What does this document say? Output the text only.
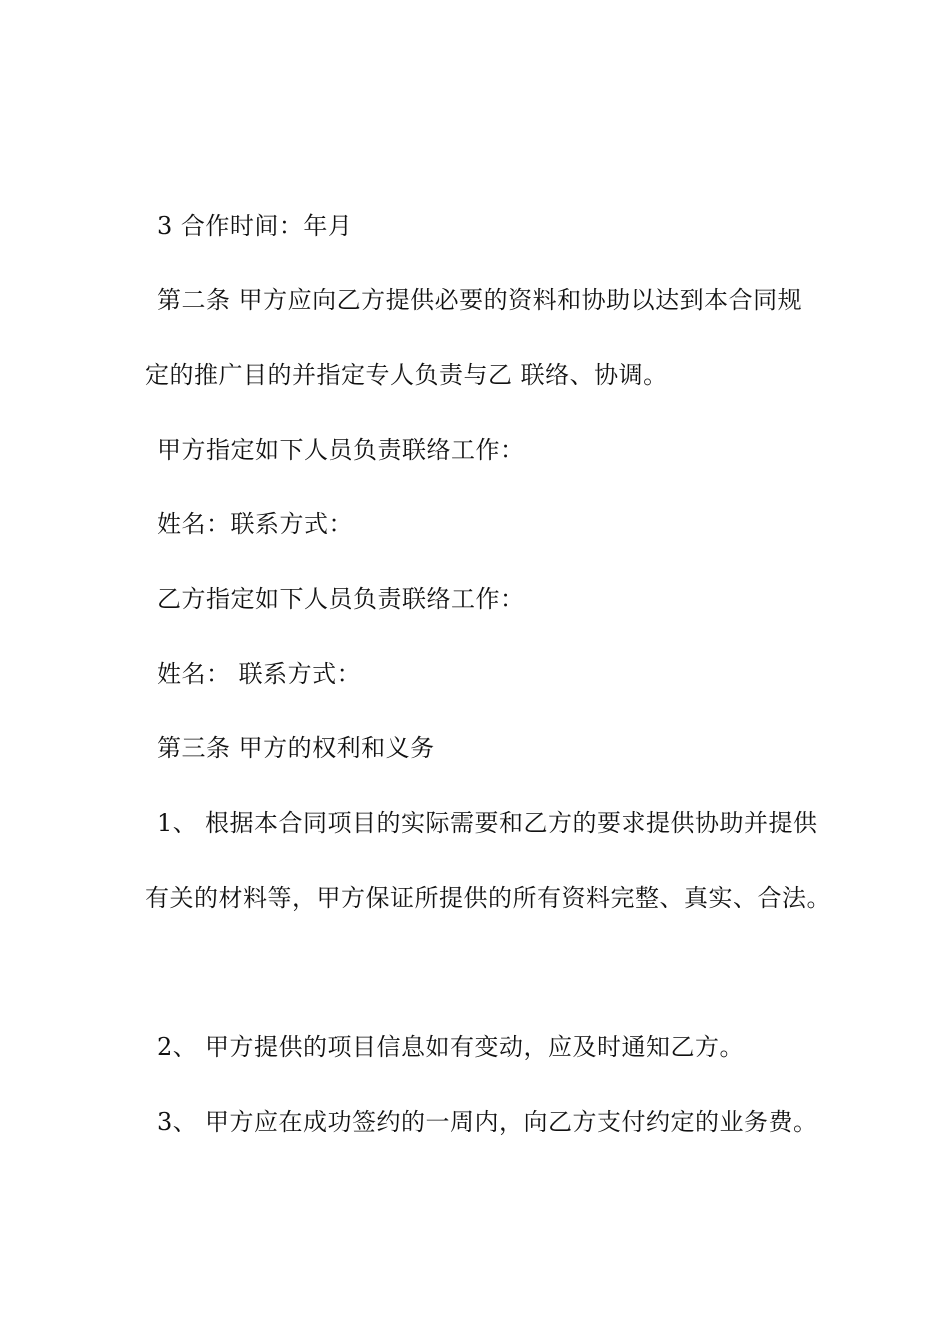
3 合作时间：年月
第二条 甲方应向乙方提供必要的资料和协助以达到本合同规
定的推广目的并指定专人负责与乙 联络、协调。
甲方指定如下人员负责联络工作：
姓名：联系方式：
乙方指定如下人员负责联络工作：
姓名： 联系方式：
第三条 甲方的权利和义务
1、 根据本合同项目的实际需要和乙方的要求提供协助并提供
有关的材料等，甲方保证所提供的所有资料完整、真实、合法。
2、 甲方提供的项目信息如有变动，应及时通知乙方。
3、 甲方应在成功签约的一周内，向乙方支付约定的业务费。
